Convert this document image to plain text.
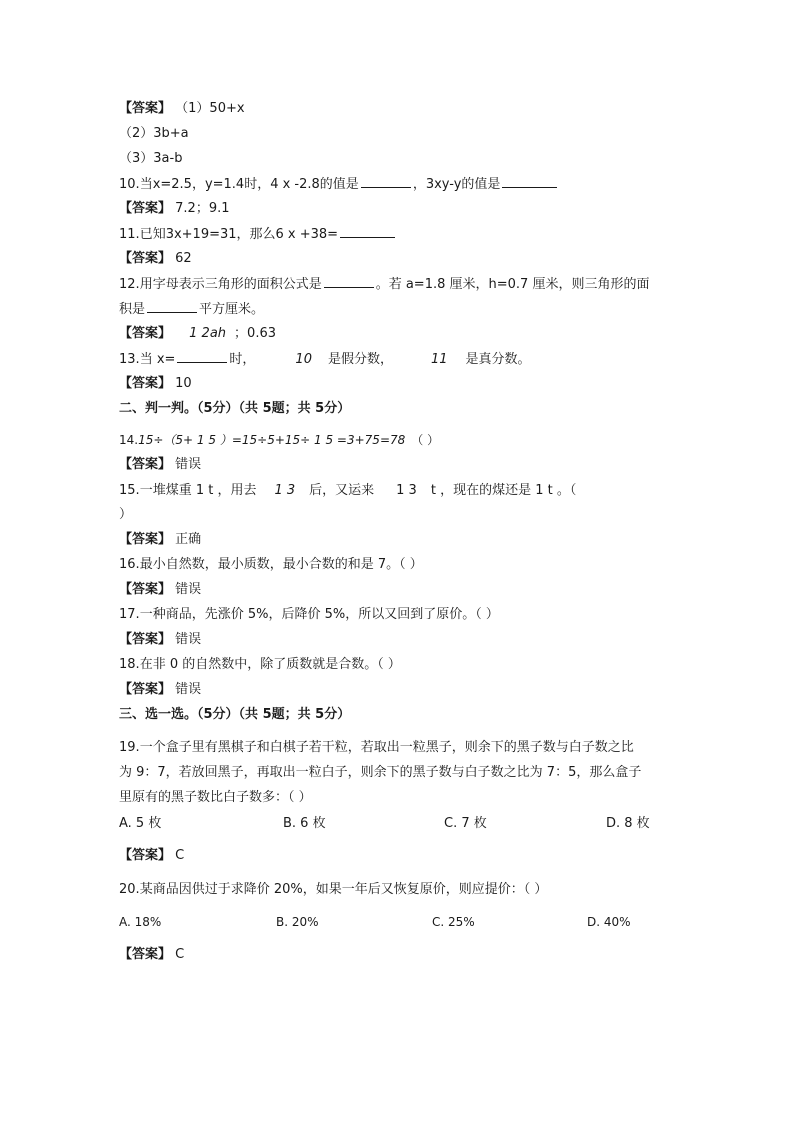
【答案】 （1）50+x
（2）3b+a
（3）3a-b
10.当x=2.5，y=1.4时，4 x -2.8的值是	，3xy-y的值是
【答案】 7.2；9.1
11.已知3x+19=31，那么6 x +38=
【答案】 62
12.用字母表示三角形的面积公式是	。若 a=1.8 厘米，h=0.7 厘米，则三角形的面
积是	平方厘米。
【答案】 1 2ah ；0.63
13.当 x=	时，	10 是假分数，	11 是真分数。
【答案】 10
二、判一判。（5分）（共 5题；共 5分）
14.15÷（5+ 1 5 ）=15÷5+15÷ 1 5 =3+75=78 （ ）
【答案】 错误
15.一堆煤重 1 t ，用去 1 3 后，又运来 1 3 t ，现在的煤还是 1 t 。（
）
【答案】 正确
16.最小自然数，最小质数，最小合数的和是 7。（ ）
【答案】 错误
17.一种商品，先涨价 5%，后降价 5%，所以又回到了原价。（ ）
【答案】 错误
18.在非 0 的自然数中，除了质数就是合数。（ ）
【答案】 错误
三、选一选。（5分）（共 5题；共 5分）
19.一个盒子里有黑棋子和白棋子若干粒，若取出一粒黑子，则余下的黑子数与白子数之比
为 9：7，若放回黑子，再取出一粒白子，则余下的黑子数与白子数之比为 7：5，那么盒子
里原有的黑子数比白子数多：（ ）
A. 5 枚	B. 6 枚	C. 7 枚	D. 8 枚
【答案】 C
20.某商品因供过于求降价 20%，如果一年后又恢复原价，则应提价：（ ）
A. 18%	B. 20%	C. 25%	D. 40%
【答案】 C
